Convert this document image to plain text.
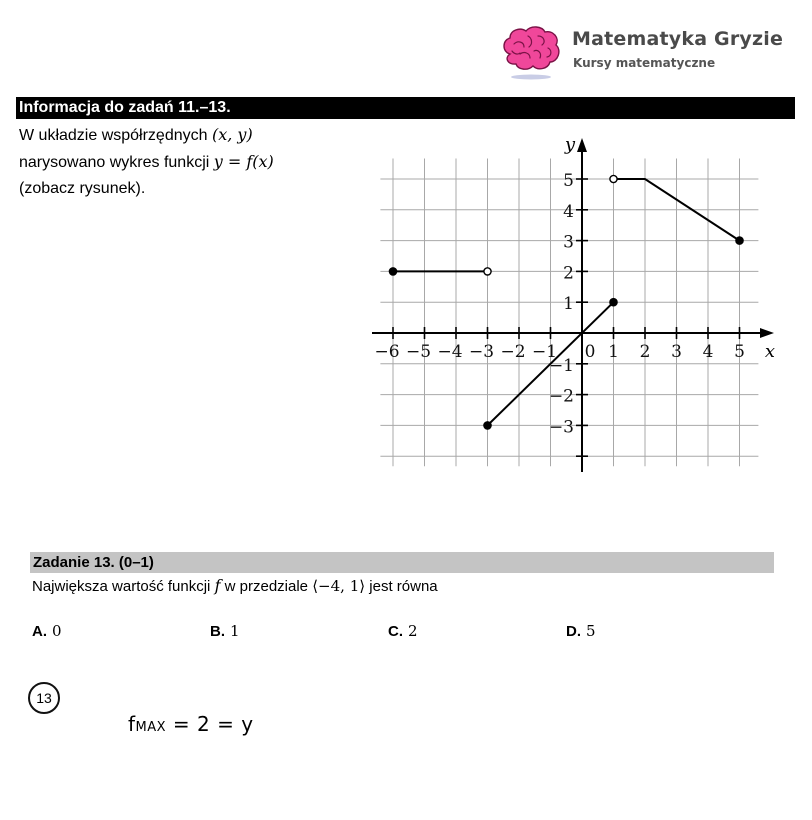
Matematyka Gryzie
Kursy matematyczne
Informacja do zadań 11.–13.
W układzie współrzędnych (x, y)
narysowano wykres funkcji y = f(x)
(zobacz rysunek).
−6 −5 −4 −3 −2 −1 0 1 2 3 4 5
−3
−2
−1
1
2
3
4
5
x
y
Zadanie 13. (0–1)
Największa wartość funkcji f w przedziale ⟨−4, 1⟩ jest równa
A. 0	B. 1	C. 2	D. 5
13
fMAX = 2 = y
